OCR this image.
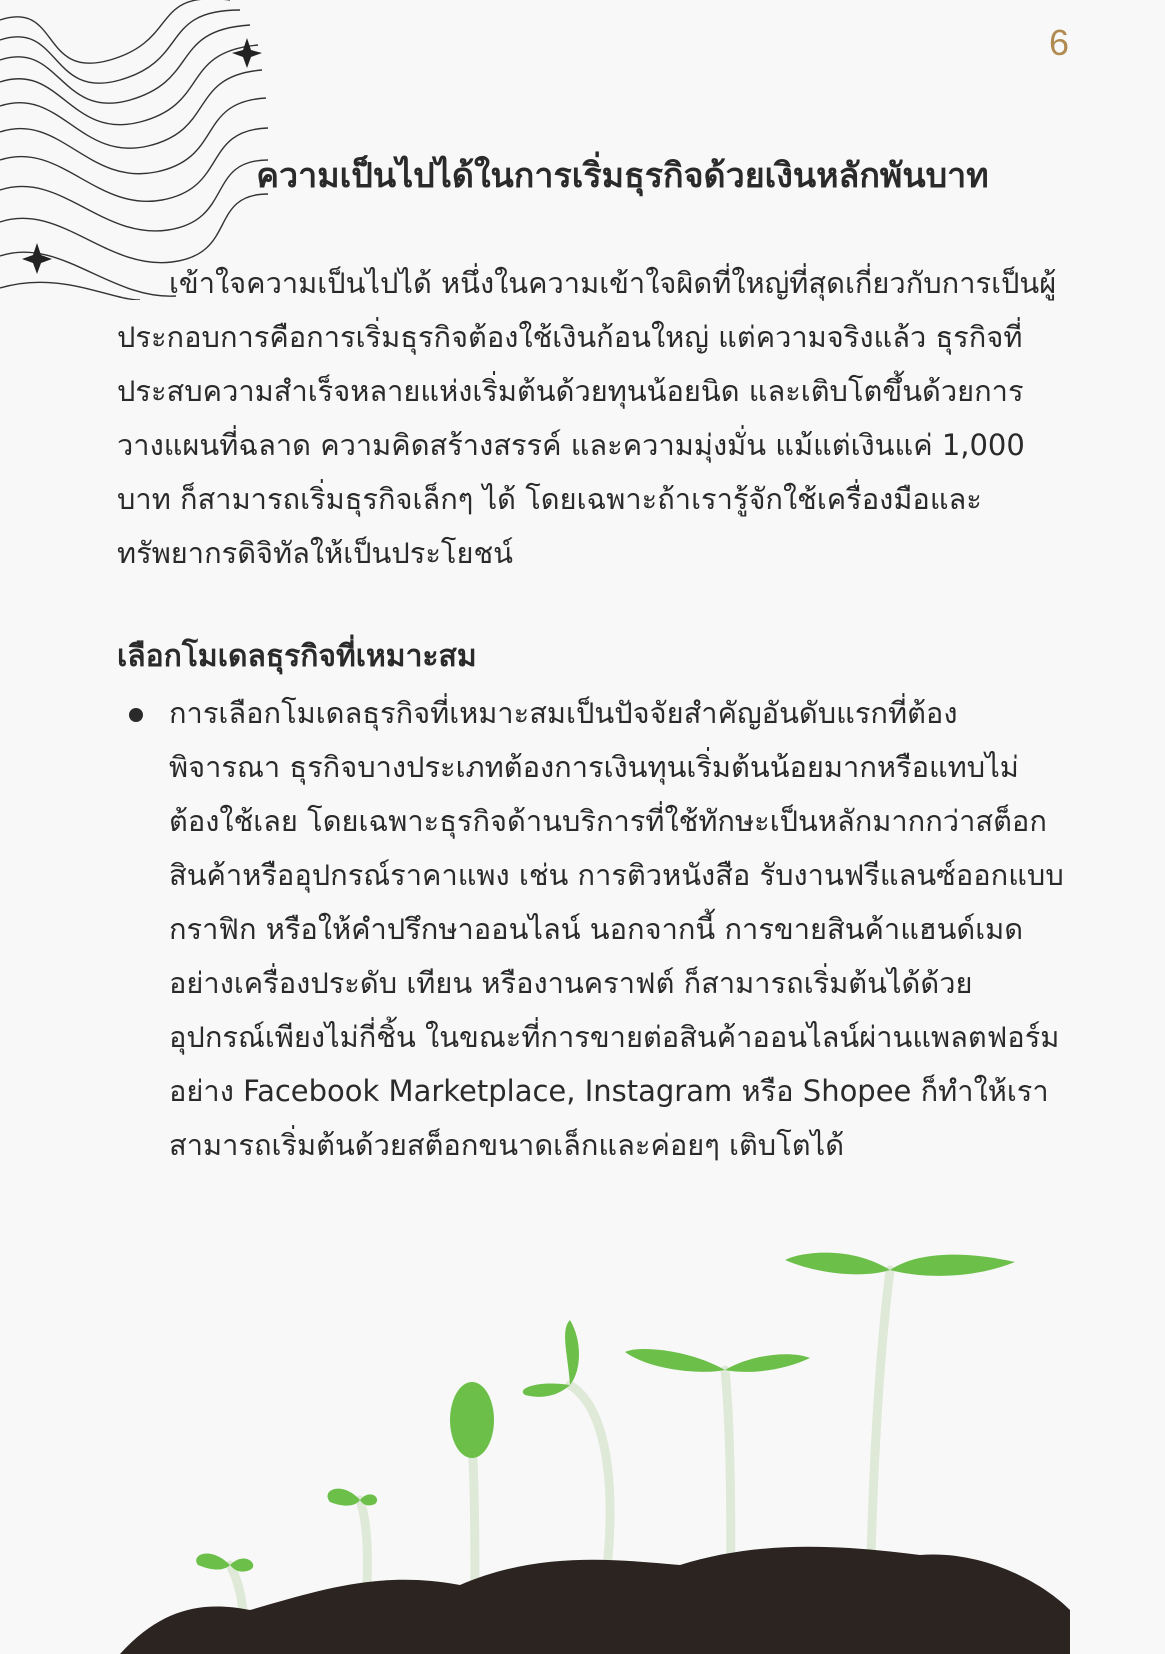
6
ความเป็นไปได้ในการเริ่มธุรกิจด้วยเงินหลักพันบาท

เข้าใจความเป็นไปได้ หนึ่งในความเข้าใจผิดที่ใหญ่ที่สุดเกี่ยวกับการเป็นผู้ประกอบการคือการเริ่มธุรกิจต้องใช้เงินก้อนใหญ่ แต่ความจริงแล้ว ธุรกิจที่ประสบความสำเร็จหลายแห่งเริ่มต้นด้วยทุนน้อยนิด และเติบโตขึ้นด้วยการวางแผนที่ฉลาด ความคิดสร้างสรรค์ และความมุ่งมั่น แม้แต่เงินแค่ 1,000 บาท ก็สามารถเริ่มธุรกิจเล็กๆ ได้ โดยเฉพาะถ้าเรารู้จักใช้เครื่องมือและทรัพยากรดิจิทัลให้เป็นประโยชน์

เลือกโมเดลธุรกิจที่เหมาะสม
การเลือกโมเดลธุรกิจที่เหมาะสมเป็นปัจจัยสำคัญอันดับแรกที่ต้องพิจารณา ธุรกิจบางประเภทต้องการเงินทุนเริ่มต้นน้อยมากหรือแทบไม่ต้องใช้เลย โดยเฉพาะธุรกิจด้านบริการที่ใช้ทักษะเป็นหลักมากกว่าสต็อกสินค้าหรืออุปกรณ์ราคาแพง เช่น การติวหนังสือ รับงานฟรีแลนซ์ออกแบบกราฟิก หรือให้คำปรึกษาออนไลน์ นอกจากนี้ การขายสินค้าแฮนด์เมดอย่างเครื่องประดับ เทียน หรืองานคราฟต์ ก็สามารถเริ่มต้นได้ด้วยอุปกรณ์เพียงไม่กี่ชิ้น ในขณะที่การขายต่อสินค้าออนไลน์ผ่านแพลตฟอร์มอย่าง Facebook Marketplace, Instagram หรือ Shopee ก็ทำให้เราสามารถเริ่มต้นด้วยสต็อกขนาดเล็กและค่อยๆ เติบโตได้
